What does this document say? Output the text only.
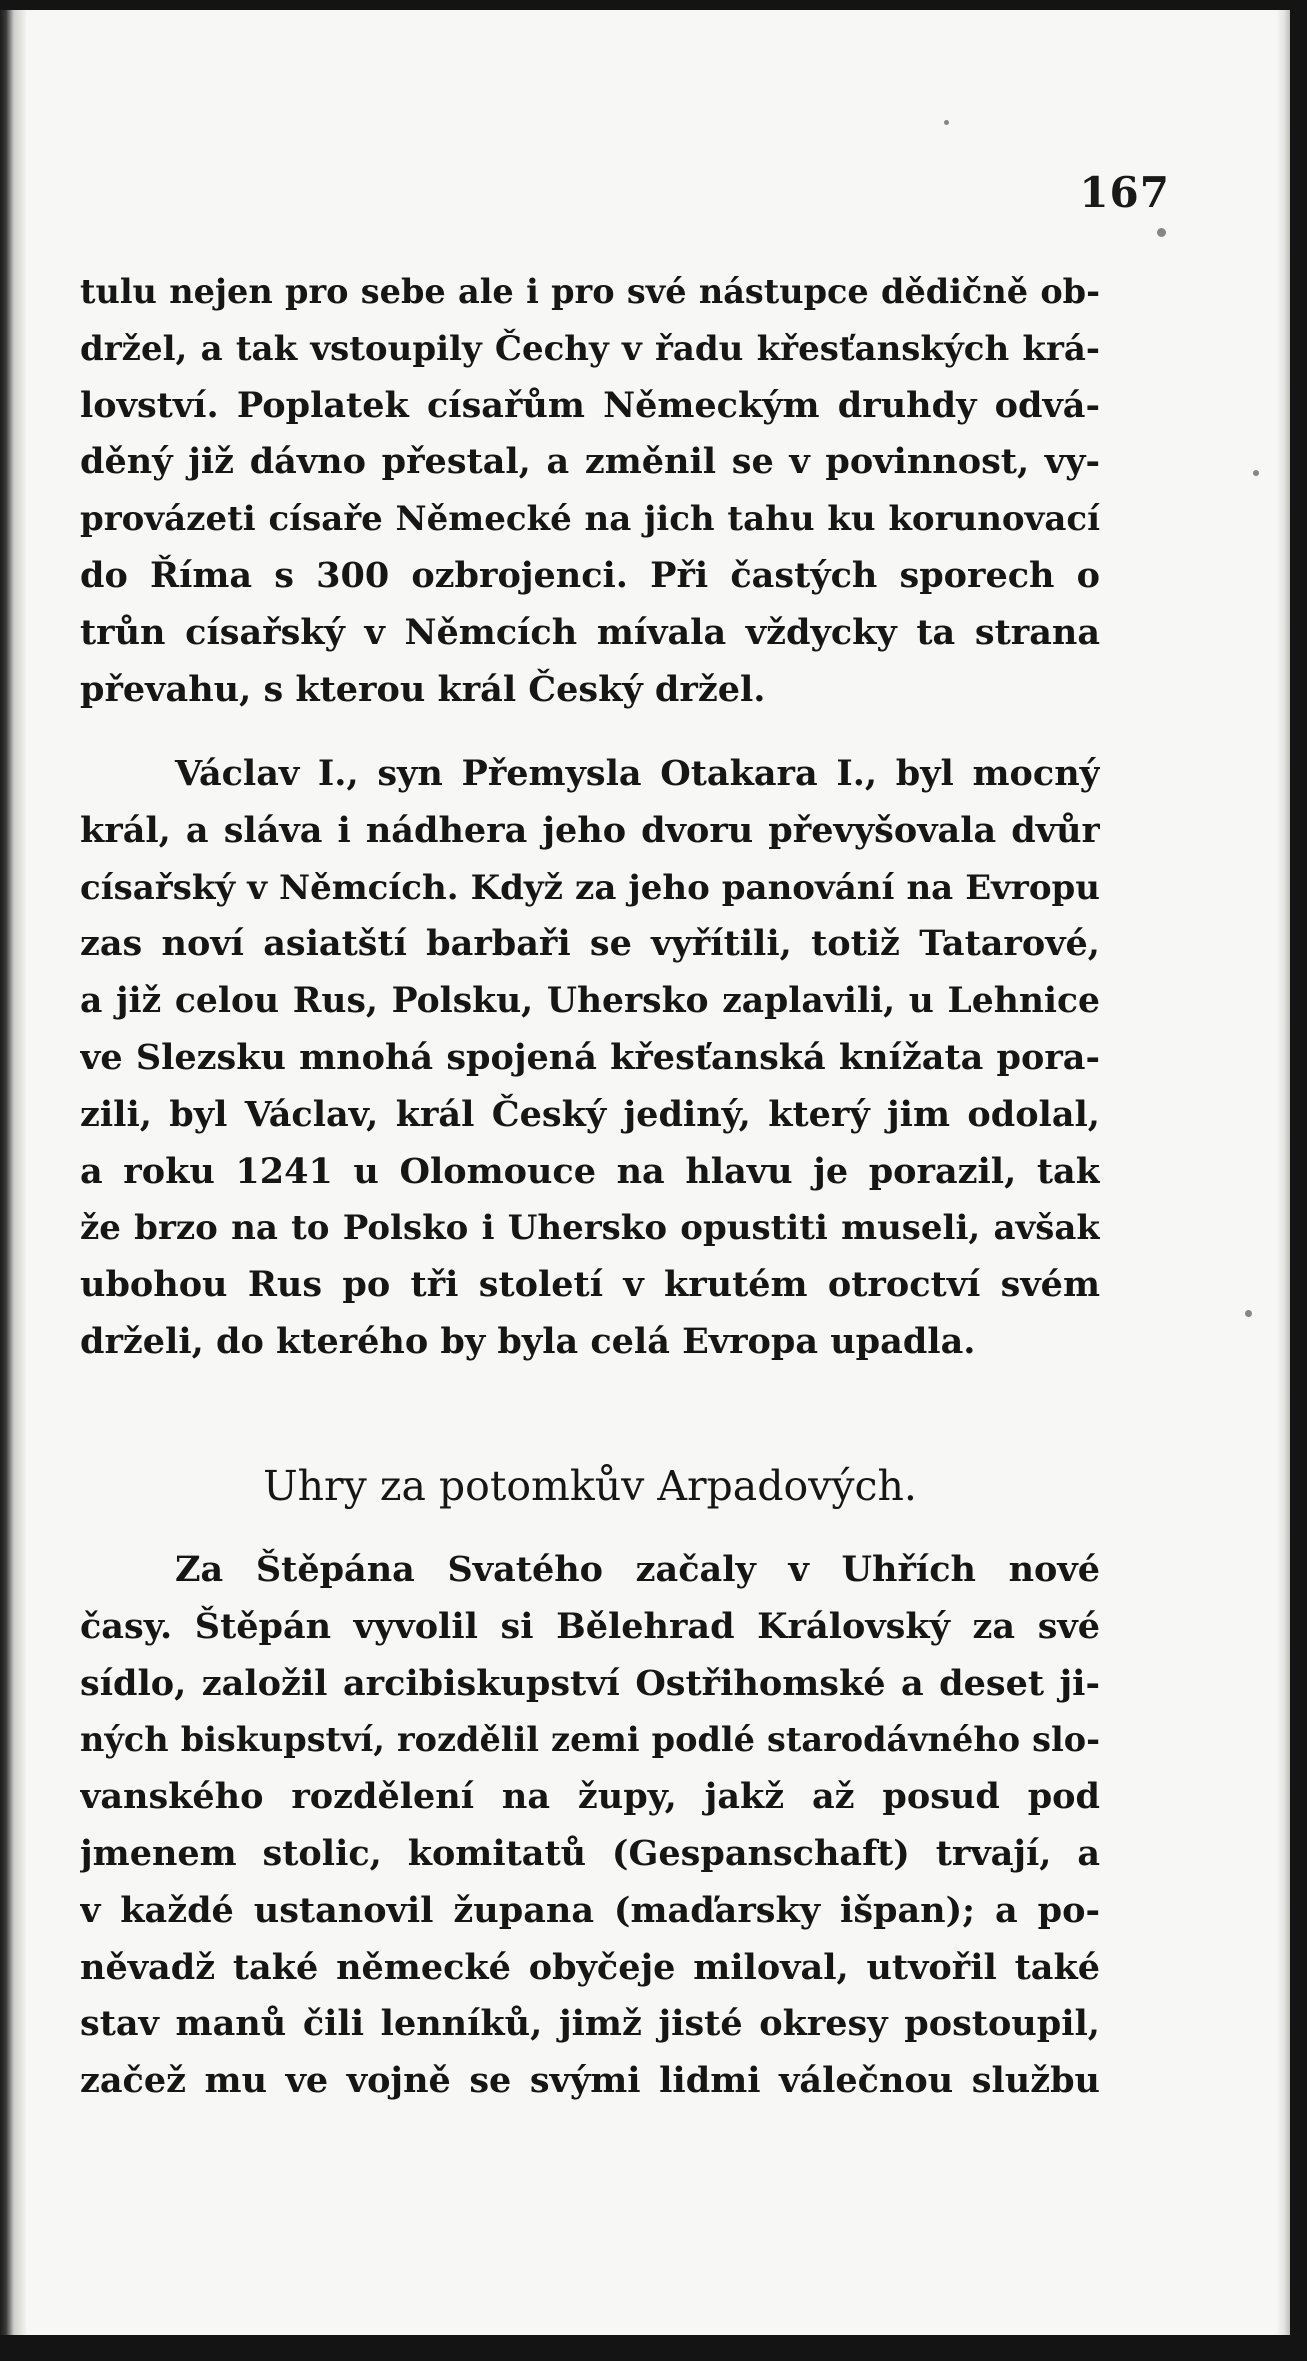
167
tulu nejen pro sebe ale i pro své nástupce dědičně ob-
držel, a tak vstoupily Čechy v řadu křesťanských krá-
lovství. Poplatek císařům Německým druhdy odvá-
děný již dávno přestal, a změnil se v povinnost, vy-
provázeti císaře Německé na jich tahu ku korunovací
do Říma s 300 ozbrojenci. Při častých sporech o
trůn císařský v Němcích mívala vždycky ta strana
převahu, s kterou král Český držel.
Václav I., syn Přemysla Otakara I., byl mocný
král, a sláva i nádhera jeho dvoru převyšovala dvůr
císařský v Němcích. Když za jeho panování na Evropu
zas noví asiatští barbaři se vyřítili, totiž Tatarové,
a již celou Rus, Polsku, Uhersko zaplavili, u Lehnice
ve Slezsku mnohá spojená křesťanská knížata pora-
zili, byl Václav, král Český jediný, který jim odolal,
a roku 1241 u Olomouce na hlavu je porazil, tak
že brzo na to Polsko i Uhersko opustiti museli, avšak
ubohou Rus po tři století v krutém otroctví svém
drželi, do kterého by byla celá Evropa upadla.
Uhry za potomkův Arpadových.
Za Štěpána Svatého začaly v Uhřích nové
časy. Štěpán vyvolil si Bělehrad Královský za své
sídlo, založil arcibiskupství Ostřihomské a deset ji-
ných biskupství, rozdělil zemi podlé starodávného slo-
vanského rozdělení na župy, jakž až posud pod
jmenem stolic, komitatů (Gespanschaft) trvají, a
v každé ustanovil župana (maďarsky išpan); a po-
něvadž také německé obyčeje miloval, utvořil také
stav manů čili lenníků, jimž jisté okresy postoupil,
začež mu ve vojně se svými lidmi válečnou službu
